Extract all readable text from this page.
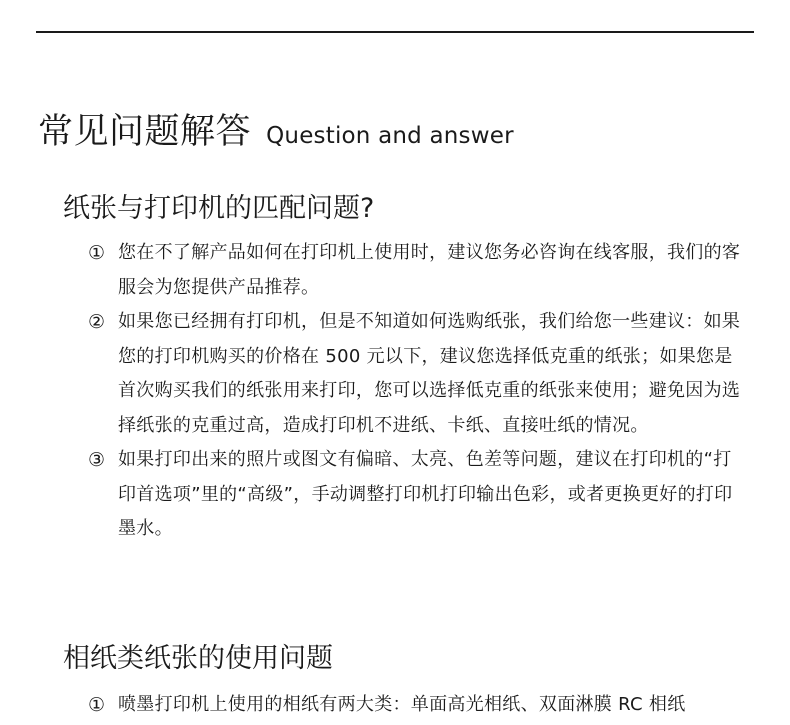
常见问题解答 Question and answer
纸张与打印机的匹配问题?
① 您在不了解产品如何在打印机上使用时，建议您务必咨询在线客服，我们的客服会为您提供产品推荐。
② 如果您已经拥有打印机，但是不知道如何选购纸张，我们给您一些建议：如果您的打印机购买的价格在 500 元以下，建议您选择低克重的纸张；如果您是首次购买我们的纸张用来打印，您可以选择低克重的纸张来使用；避免因为选择纸张的克重过高，造成打印机不进纸、卡纸、直接吐纸的情况。
③ 如果打印出来的照片或图文有偏暗、太亮、色差等问题，建议在打印机的“打印首选项”里的“高级”，手动调整打印机打印输出色彩，或者更换更好的打印墨水。
相纸类纸张的使用问题
① 喷墨打印机上使用的相纸有两大类：单面高光相纸、双面淋膜 RC 相纸
